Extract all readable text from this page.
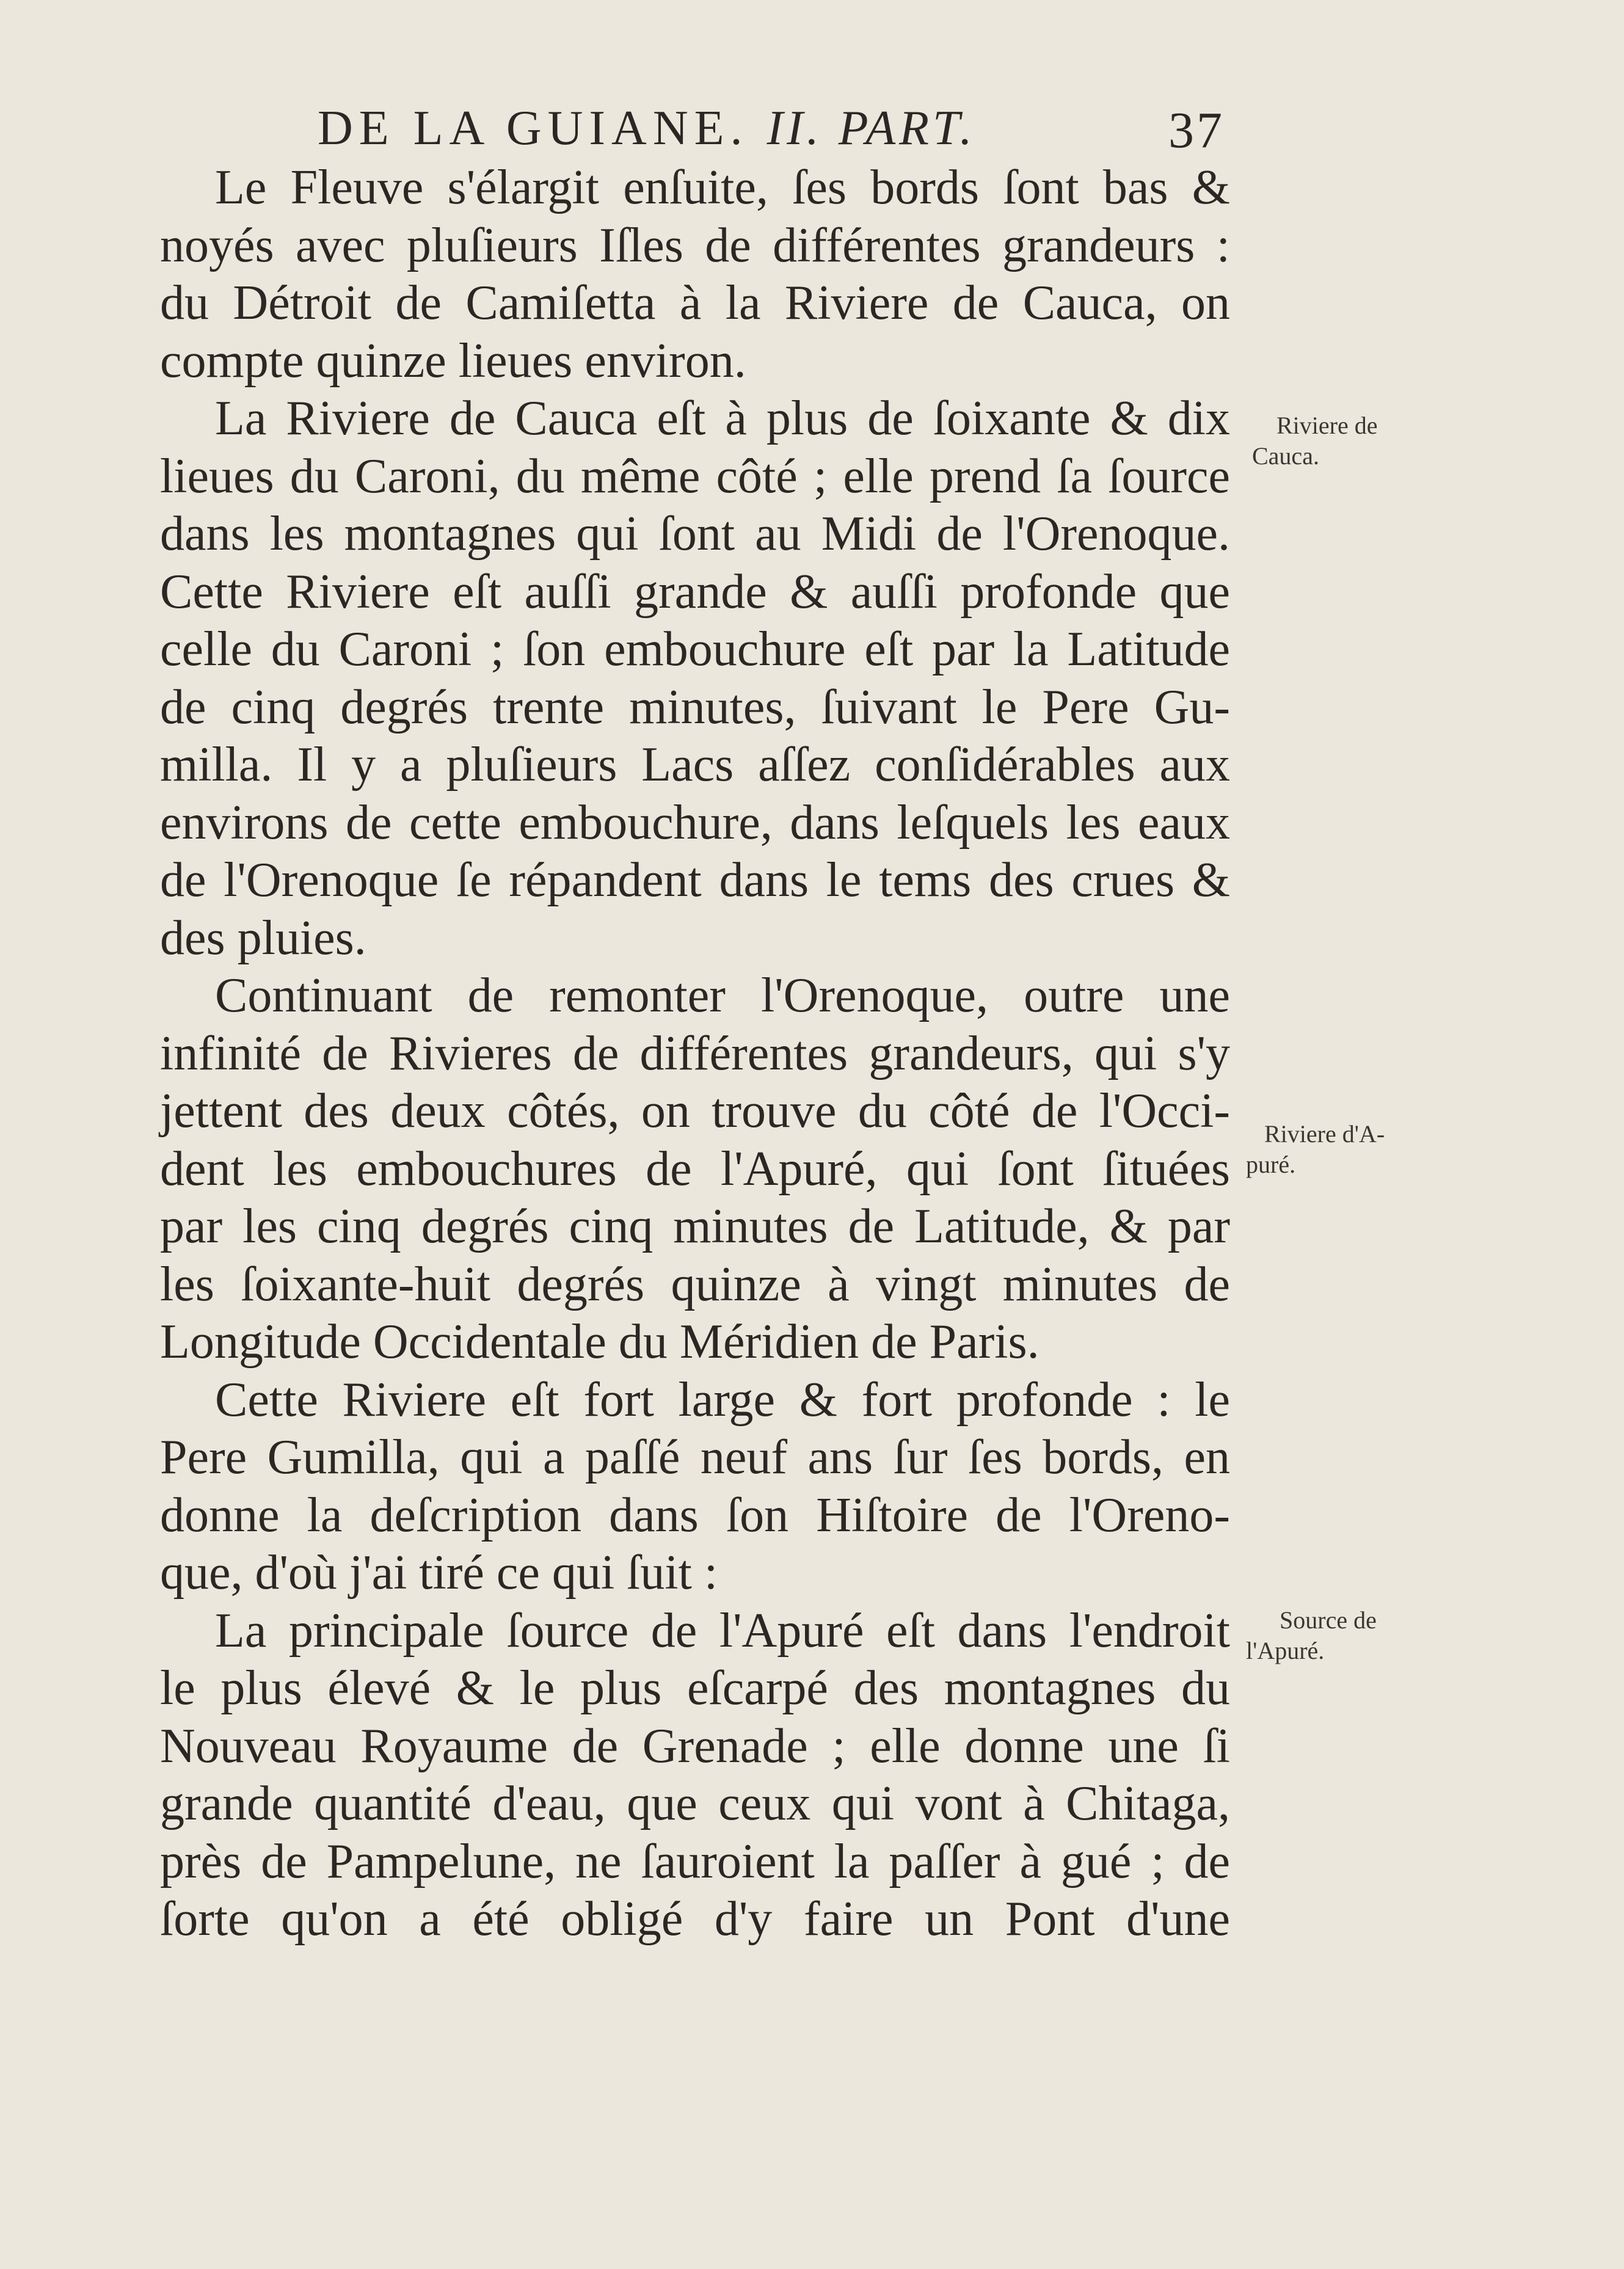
DE LA GUIANE. II. PART.	37
Le Fleuve s'élargit enſuite, ſes bords ſont bas &
noyés avec pluſieurs Iſles de différentes grandeurs :
du Détroit de Camiſetta à la Riviere de Cauca, on
compte quinze lieues environ.
La Riviere de Cauca eſt à plus de ſoixante & dix
lieues du Caroni, du même côté ; elle prend ſa ſource
dans les montagnes qui ſont au Midi de l'Orenoque.
Cette Riviere eſt auſſi grande & auſſi profonde que
celle du Caroni ; ſon embouchure eſt par la Latitude
de cinq degrés trente minutes, ſuivant le Pere Gu-
milla. Il y a pluſieurs Lacs aſſez conſidérables aux
environs de cette embouchure, dans leſquels les eaux
de l'Orenoque ſe répandent dans le tems des crues &
des pluies.
Continuant de remonter l'Orenoque, outre une
infinité de Rivieres de différentes grandeurs, qui s'y
jettent des deux côtés, on trouve du côté de l'Occi-
dent les embouchures de l'Apuré, qui ſont ſituées
par les cinq degrés cinq minutes de Latitude, & par
les ſoixante-huit degrés quinze à vingt minutes de
Longitude Occidentale du Méridien de Paris.
Cette Riviere eſt fort large & fort profonde : le
Pere Gumilla, qui a paſſé neuf ans ſur ſes bords, en
donne la deſcription dans ſon Hiſtoire de l'Oreno-
que, d'où j'ai tiré ce qui ſuit :
La principale ſource de l'Apuré eſt dans l'endroit
le plus élevé & le plus eſcarpé des montagnes du
Nouveau Royaume de Grenade ; elle donne une ſi
grande quantité d'eau, que ceux qui vont à Chitaga,
près de Pampelune, ne ſauroient la paſſer à gué ; de
ſorte qu'on a été obligé d'y faire un Pont d'une
Riviere de
Cauca.
Riviere d'A-
puré.
Source de
l'Apuré.
